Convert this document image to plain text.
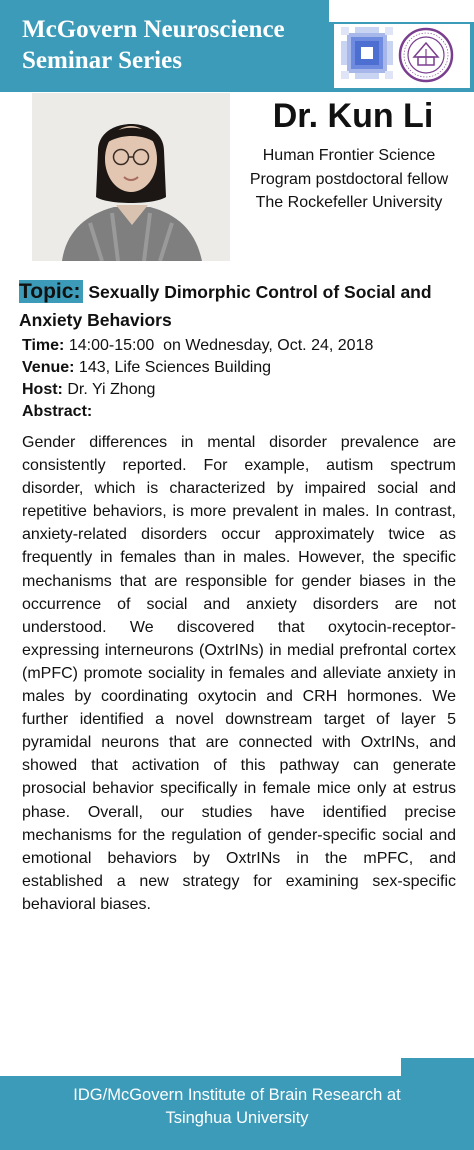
McGovern Neuroscience
Seminar Series
Dr. Kun Li
Human Frontier Science Program postdoctoral fellow The Rockefeller University
Topic: Sexually Dimorphic Control of Social and Anxiety Behaviors
Time: 14:00-15:00  on Wednesday, Oct. 24, 2018
Venue: 143, Life Sciences Building
Host: Dr. Yi Zhong
Abstract:
Gender differences in mental disorder prevalence are consistently reported. For example, autism spectrum disorder, which is characterized by impaired social and repetitive behaviors, is more prevalent in males. In contrast, anxiety-related disorders occur approximately twice as frequently in females than in males. However, the specific mechanisms that are responsible for gender biases in the occurrence of social and anxiety disorders are not understood. We discovered that oxytocin-receptor-expressing interneurons (OxtrINs) in medial prefrontal cortex (mPFC) promote sociality in females and alleviate anxiety in males by coordinating oxytocin and CRH hormones. We further identified a novel downstream target of layer 5 pyramidal neurons that are connected with OxtrINs, and showed that activation of this pathway can generate prosocial behavior specifically in female mice only at estrus phase. Overall, our studies have identified precise mechanisms for the regulation of gender-specific social and emotional behaviors by OxtrINs in the mPFC, and established a new strategy for examining sex-specific behavioral biases.
IDG/McGovern Institute of Brain Research at
Tsinghua University
